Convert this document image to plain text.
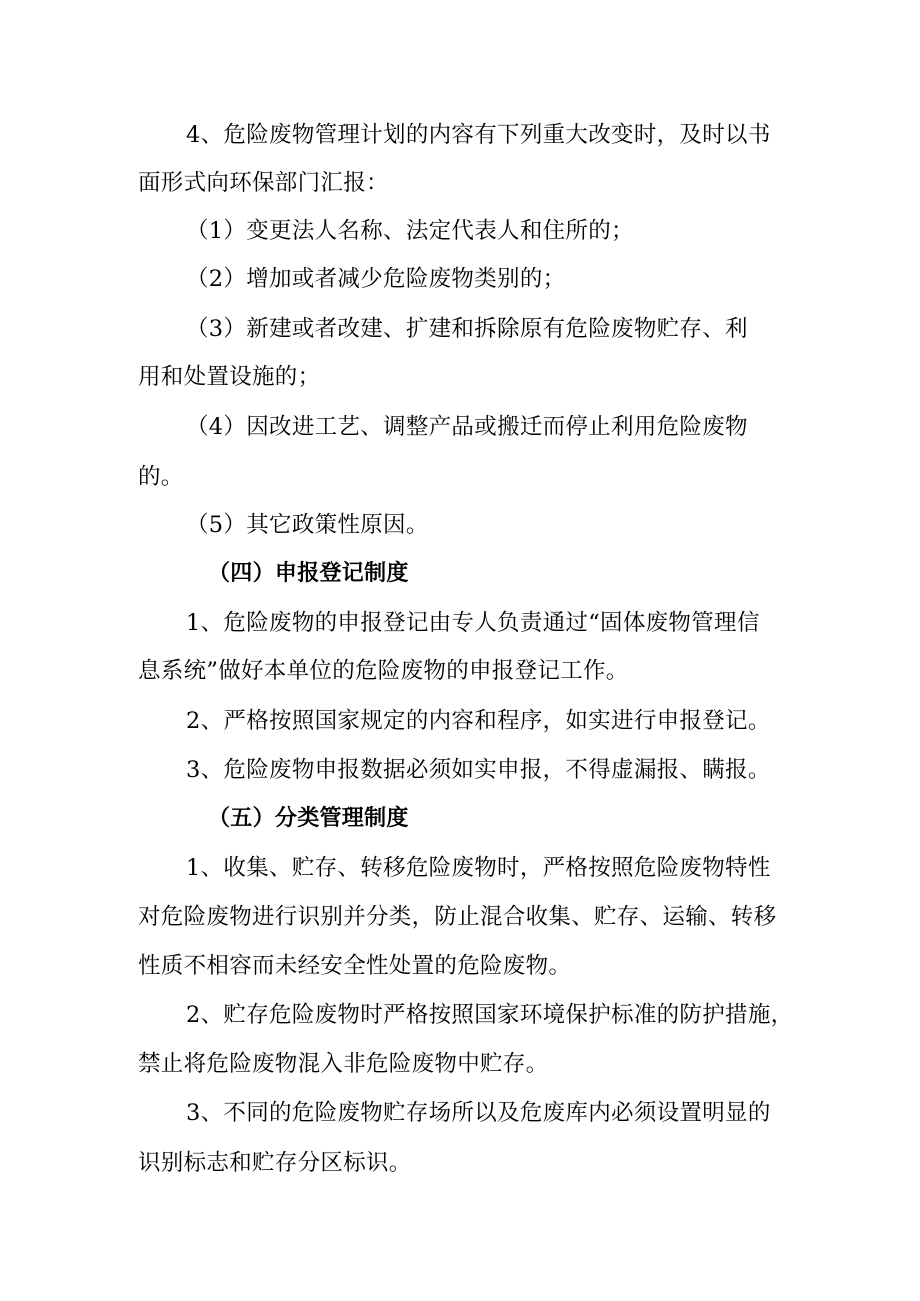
4、危险废物管理计划的内容有下列重大改变时，及时以书
面形式向环保部门汇报：
（1）变更法人名称、法定代表人和住所的；
（2）增加或者减少危险废物类别的；
（3）新建或者改建、扩建和拆除原有危险废物贮存、利
用和处置设施的；
（4）因改进工艺、调整产品或搬迁而停止利用危险废物
的。
（5）其它政策性原因。
（四）申报登记制度
1、危险废物的申报登记由专人负责通过“固体废物管理信
息系统”做好本单位的危险废物的申报登记工作。
2、严格按照国家规定的内容和程序，如实进行申报登记。
3、危险废物申报数据必须如实申报，不得虚漏报、瞒报。
（五）分类管理制度
1、收集、贮存、转移危险废物时，严格按照危险废物特性
对危险废物进行识别并分类，防止混合收集、贮存、运输、转移
性质不相容而未经安全性处置的危险废物。
2、贮存危险废物时严格按照国家环境保护标准的防护措施，
禁止将危险废物混入非危险废物中贮存。
3、不同的危险废物贮存场所以及危废库内必须设置明显的
识别标志和贮存分区标识。
